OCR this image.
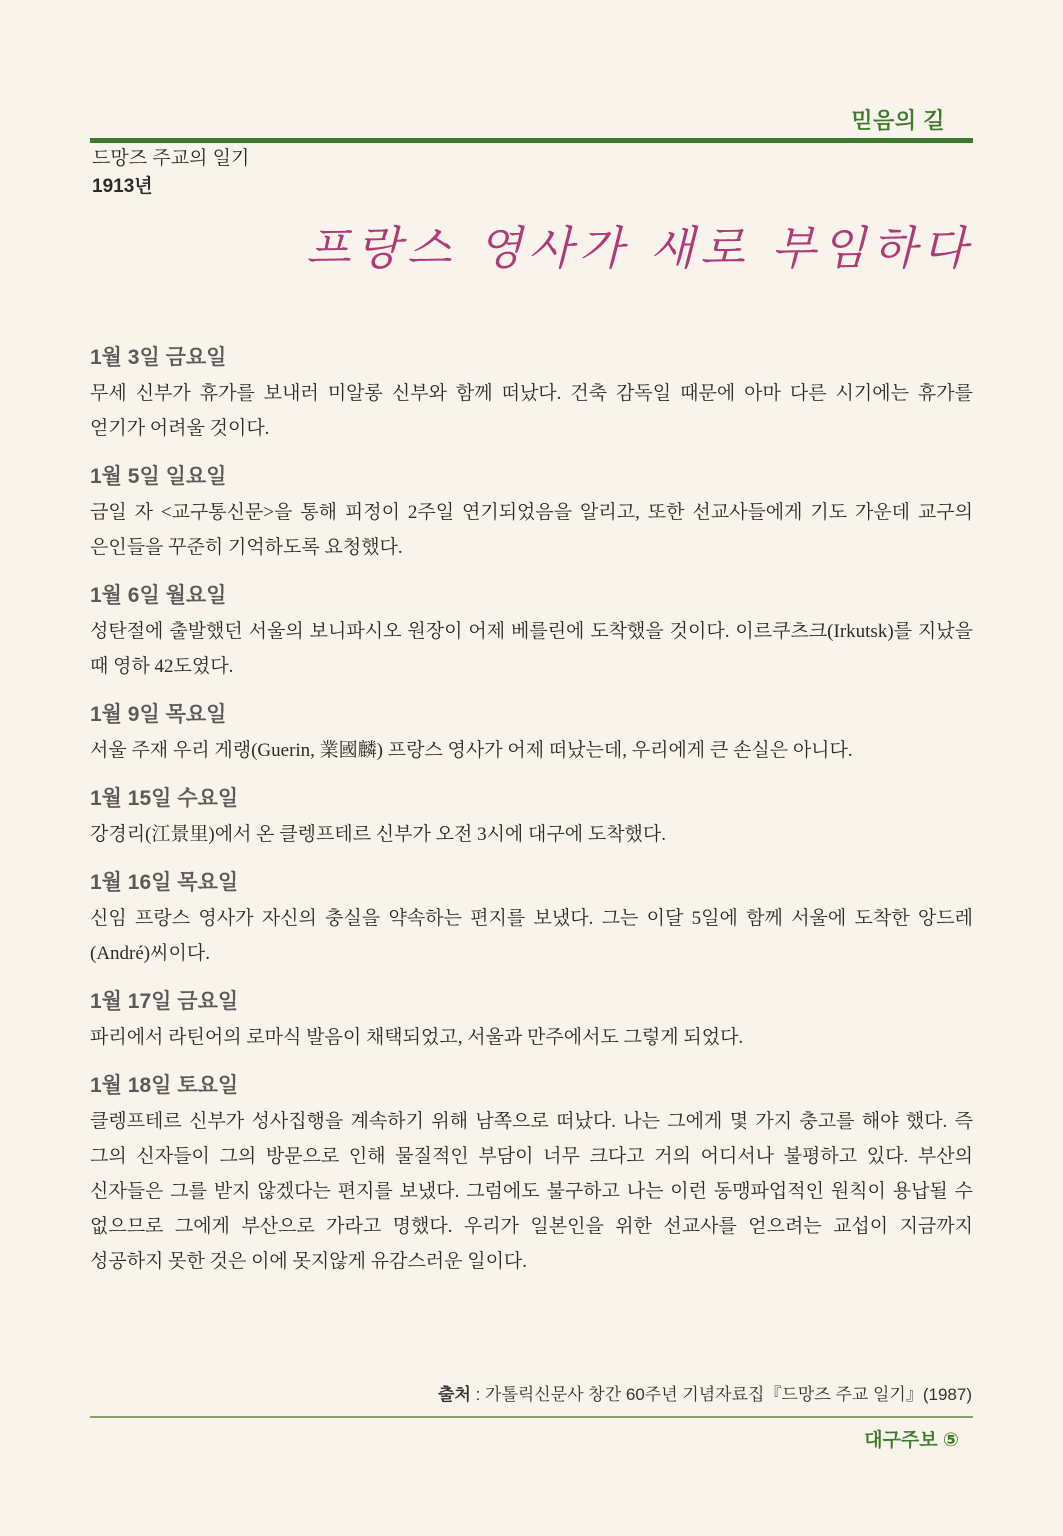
믿음의 길
드망즈 주교의 일기
1913년
프랑스 영사가 새로 부임하다
1월 3일 금요일
무세 신부가 휴가를 보내러 미알롱 신부와 함께 떠났다. 건축 감독일 때문에 아마 다른 시기에는 휴가를 얻기가 어려울 것이다.
1월 5일 일요일
금일 자 <교구통신문>을 통해 피정이 2주일 연기되었음을 알리고, 또한 선교사들에게 기도 가운데 교구의 은인들을 꾸준히 기억하도록 요청했다.
1월 6일 월요일
성탄절에 출발했던 서울의 보니파시오 원장이 어제 베를린에 도착했을 것이다. 이르쿠츠크(Irkutsk)를 지났을 때 영하 42도였다.
1월 9일 목요일
서울 주재 우리 게랭(Guerin, 業國麟) 프랑스 영사가 어제 떠났는데, 우리에게 큰 손실은 아니다.
1월 15일 수요일
강경리(江景里)에서 온 클렝프테르 신부가 오전 3시에 대구에 도착했다.
1월 16일 목요일
신임 프랑스 영사가 자신의 충실을 약속하는 편지를 보냈다. 그는 이달 5일에 함께 서울에 도착한 앙드레(André)씨이다.
1월 17일 금요일
파리에서 라틴어의 로마식 발음이 채택되었고, 서울과 만주에서도 그렇게 되었다.
1월 18일 토요일
클렝프테르 신부가 성사집행을 계속하기 위해 남쪽으로 떠났다. 나는 그에게 몇 가지 충고를 해야 했다. 즉 그의 신자들이 그의 방문으로 인해 물질적인 부담이 너무 크다고 거의 어디서나 불평하고 있다. 부산의 신자들은 그를 받지 않겠다는 편지를 보냈다. 그럼에도 불구하고 나는 이런 동맹파업적인 원칙이 용납될 수 없으므로 그에게 부산으로 가라고 명했다. 우리가 일본인을 위한 선교사를 얻으려는 교섭이 지금까지 성공하지 못한 것은 이에 못지않게 유감스러운 일이다.
출처 : 가톨릭신문사 창간 60주년 기념자료집『드망즈 주교 일기』(1987)
대구주보 ⑤
